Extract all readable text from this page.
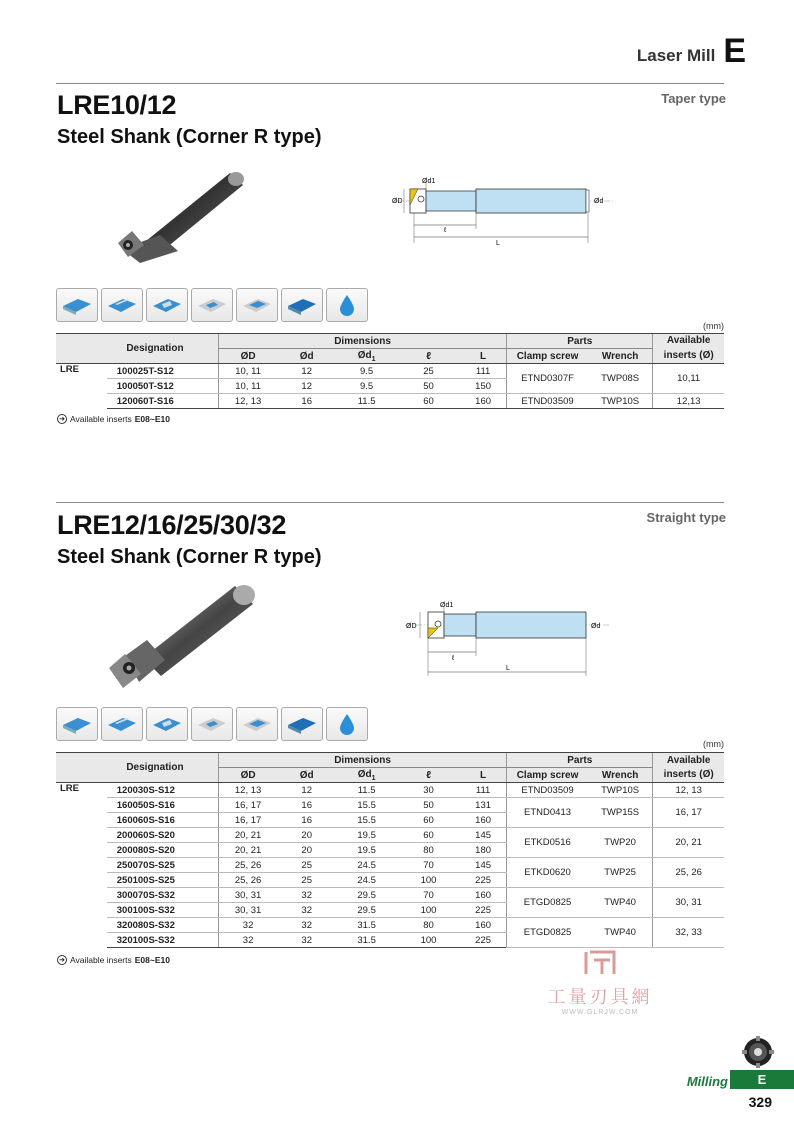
Laser Mill E
LRE10/12
Steel Shank (Corner R type)
Taper type
ØD
Ød1
Ød
ℓ
L
(mm)
Designation		Dimensions					Parts		Available
		ØD	Ød	$Ød_1$	ℓ	L	Clamp screw	Wrench	inserts (Ø)
LRE	100025T-S12	10, 11	12	9.5	25	111	ETND0307F	TWP08S	10,11
	100050T-S12	10, 11	12	9.5	50	150			
	120060T-S16	12, 13	16	11.5	60	160	ETND03509	TWP10S	12,13
➜ Available inserts E08~E10
LRE12/16/25/30/32
Steel Shank (Corner R type)
Straight type
ØD
Ød1
Ød
ℓ
L
(mm)
Designation		Dimensions					Parts		Available
		ØD	Ød	$Ød_1$	ℓ	L	Clamp screw	Wrench	inserts (Ø)
LRE	120030S-S12	12, 13	12	11.5	30	111	ETND03509	TWP10S	12, 13
	160050S-S16	16, 17	16	15.5	50	131	ETND0413	TWP15S	16, 17
	160060S-S16	16, 17	16	15.5	60	160			
	200060S-S20	20, 21	20	19.5	60	145	ETKD0516	TWP20	20, 21
	200080S-S20	20, 21	20	19.5	80	180			
	250070S-S25	25, 26	25	24.5	70	145	ETKD0620	TWP25	25, 26
	250100S-S25	25, 26	25	24.5	100	225			
	300070S-S32	30, 31	32	29.5	70	160	ETGD0825	TWP40	30, 31
	300100S-S32	30, 31	32	29.5	100	225			
	320080S-S32	32	32	31.5	80	160	ETGD0825	TWP40	32, 33
	320100S-S32	32	32	31.5	100	225			
➜ Available inserts E08~E10
工量刃具網
WWW.GLRJW.COM
Milling	E
329
